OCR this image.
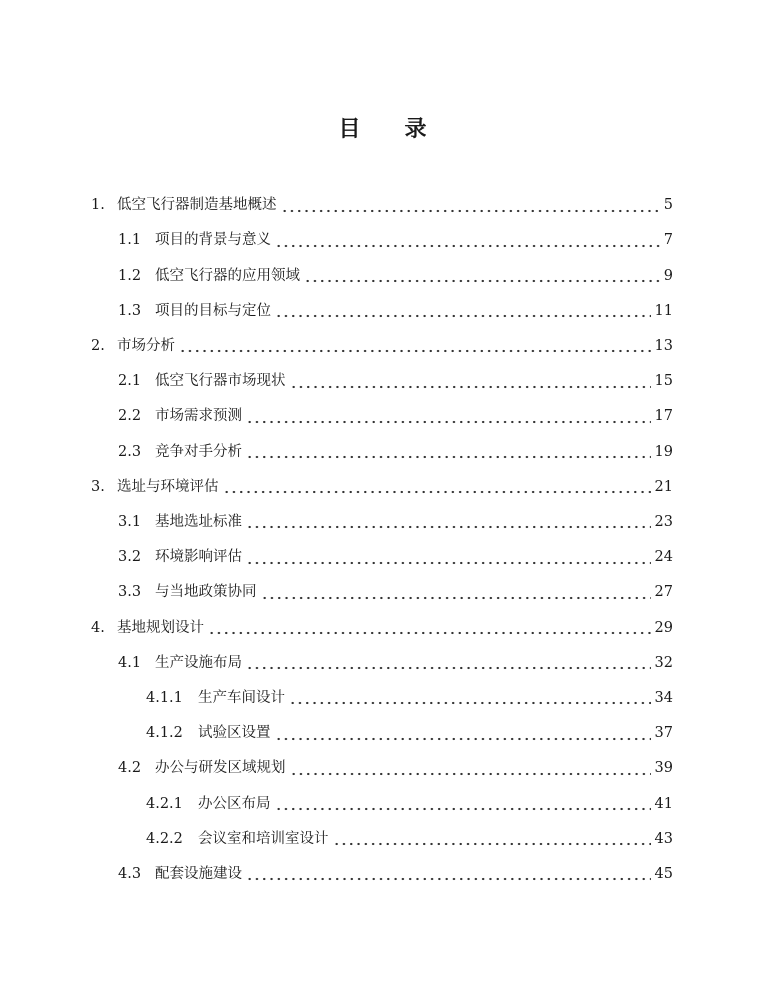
目 录
1. 低空飞行器制造基地概述	5
1.1 项目的背景与意义	7
1.2 低空飞行器的应用领域	9
1.3 项目的目标与定位	11
2. 市场分析	13
2.1 低空飞行器市场现状	15
2.2 市场需求预测	17
2.3 竞争对手分析	19
3. 选址与环境评估	21
3.1 基地选址标准	23
3.2 环境影响评估	24
3.3 与当地政策协同	27
4. 基地规划设计	29
4.1 生产设施布局	32
4.1.1	生产车间设计	34
4.1.2	试验区设置	37
4.2 办公与研发区域规划	39
4.2.1	办公区布局	41
4.2.2	会议室和培训室设计	43
4.3 配套设施建设	45
